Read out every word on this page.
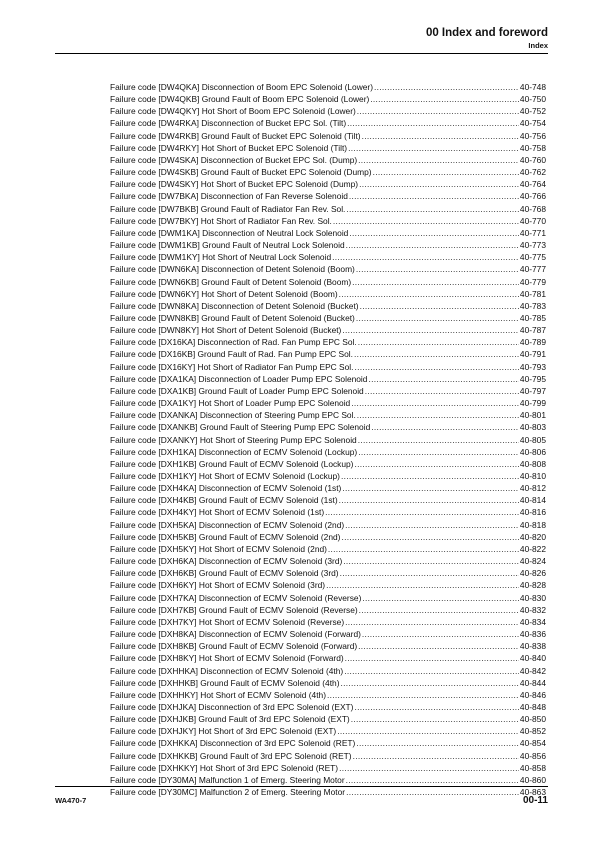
00 Index and foreword
Index
Failure code [DW4QKA] Disconnection of Boom EPC Solenoid (Lower) .....	40-748
Failure code [DW4QKB] Ground Fault of Boom EPC Solenoid (Lower) .....	40-750
Failure code [DW4QKY] Hot Short of Boom EPC Solenoid (Lower) .....	40-752
Failure code [DW4RKA] Disconnection of Bucket EPC Sol. (Tilt) .....	40-754
Failure code [DW4RKB] Ground Fault of Bucket EPC Solenoid (Tilt) .....	40-756
Failure code [DW4RKY] Hot Short of Bucket EPC Solenoid (Tilt) .....	40-758
Failure code [DW4SKA] Disconnection of Bucket EPC Sol. (Dump) .....	40-760
Failure code [DW4SKB] Ground Fault of Bucket EPC Solenoid (Dump) .....	40-762
Failure code [DW4SKY] Hot Short of Bucket EPC Solenoid (Dump) .....	40-764
Failure code [DW7BKA] Disconnection of Fan Reverse Solenoid .....	40-766
Failure code [DW7BKB] Ground Fault of Radiator Fan Rev. Sol. .....	40-768
Failure code [DW7BKY] Hot Short of Radiator Fan Rev. Sol. .....	40-770
Failure code [DWM1KA] Disconnection of Neutral Lock Solenoid .....	40-771
Failure code [DWM1KB] Ground Fault of Neutral Lock Solenoid .....	40-773
Failure code [DWM1KY] Hot Short of Neutral Lock Solenoid .....	40-775
Failure code [DWN6KA] Disconnection of Detent Solenoid (Boom) .....	40-777
Failure code [DWN6KB] Ground Fault of Detent Solenoid (Boom) .....	40-779
Failure code [DWN6KY] Hot Short of Detent Solenoid (Boom) .....	40-781
Failure code [DWN8KA] Disconnection of Detent Solenoid (Bucket) .....	40-783
Failure code [DWN8KB] Ground Fault of Detent Solenoid (Bucket) .....	40-785
Failure code [DWN8KY] Hot Short of Detent Solenoid (Bucket) .....	40-787
Failure code [DX16KA] Disconnection of Rad. Fan Pump EPC Sol. .....	40-789
Failure code [DX16KB] Ground Fault of Rad. Fan Pump EPC Sol. .....	40-791
Failure code [DX16KY] Hot Short of Radiator Fan Pump EPC Sol. .....	40-793
Failure code [DXA1KA] Disconnection of Loader Pump EPC Solenoid .....	40-795
Failure code [DXA1KB] Ground Fault of Loader Pump EPC Solenoid .....	40-797
Failure code [DXA1KY] Hot Short of Loader Pump EPC Solenoid .....	40-799
Failure code [DXANKA] Disconnection of Steering Pump EPC Sol. .....	40-801
Failure code [DXANKB] Ground Fault of Steering Pump EPC Solenoid .....	40-803
Failure code [DXANKY] Hot Short of Steering Pump EPC Solenoid .....	40-805
Failure code [DXH1KA] Disconnection of ECMV Solenoid (Lockup) .....	40-806
Failure code [DXH1KB] Ground Fault of ECMV Solenoid (Lockup) .....	40-808
Failure code [DXH1KY] Hot Short of ECMV Solenoid (Lockup) .....	40-810
Failure code [DXH4KA] Disconnection of ECMV Solenoid (1st) .....	40-812
Failure code [DXH4KB] Ground Fault of ECMV Solenoid (1st) .....	40-814
Failure code [DXH4KY] Hot Short of ECMV Solenoid (1st) .....	40-816
Failure code [DXH5KA] Disconnection of ECMV Solenoid (2nd) .....	40-818
Failure code [DXH5KB] Ground Fault of ECMV Solenoid (2nd) .....	40-820
Failure code [DXH5KY] Hot Short of ECMV Solenoid (2nd) .....	40-822
Failure code [DXH6KA] Disconnection of ECMV Solenoid (3rd) .....	40-824
Failure code [DXH6KB] Ground Fault of ECMV Solenoid (3rd) .....	40-826
Failure code [DXH6KY] Hot Short of ECMV Solenoid (3rd) .....	40-828
Failure code [DXH7KA] Disconnection of ECMV Solenoid (Reverse) .....	40-830
Failure code [DXH7KB] Ground Fault of ECMV Solenoid (Reverse) .....	40-832
Failure code [DXH7KY] Hot Short of ECMV Solenoid (Reverse) .....	40-834
Failure code [DXH8KA] Disconnection of ECMV Solenoid (Forward) .....	40-836
Failure code [DXH8KB] Ground Fault of ECMV Solenoid (Forward) .....	40-838
Failure code [DXH8KY] Hot Short of ECMV Solenoid (Forward) .....	40-840
Failure code [DXHHKA] Disconnection of ECMV Solenoid (4th) .....	40-842
Failure code [DXHHKB] Ground Fault of ECMV Solenoid (4th) .....	40-844
Failure code [DXHHKY] Hot Short of ECMV Solenoid (4th) .....	40-846
Failure code [DXHJKA] Disconnection of 3rd EPC Solenoid (EXT) .....	40-848
Failure code [DXHJKB] Ground Fault of 3rd EPC Solenoid (EXT) .....	40-850
Failure code [DXHJKY] Hot Short of 3rd EPC Solenoid (EXT) .....	40-852
Failure code [DXHKKA] Disconnection of 3rd EPC Solenoid (RET) .....	40-854
Failure code [DXHKKB] Ground Fault of 3rd EPC Solenoid (RET) .....	40-856
Failure code [DXHKKY] Hot Short of 3rd EPC Solenoid (RET) .....	40-858
Failure code [DY30MA] Malfunction 1 of Emerg. Steering Motor .....	40-860
Failure code [DY30MC] Malfunction 2 of Emerg. Steering Motor .....	40-863
WA470-7	00-11
